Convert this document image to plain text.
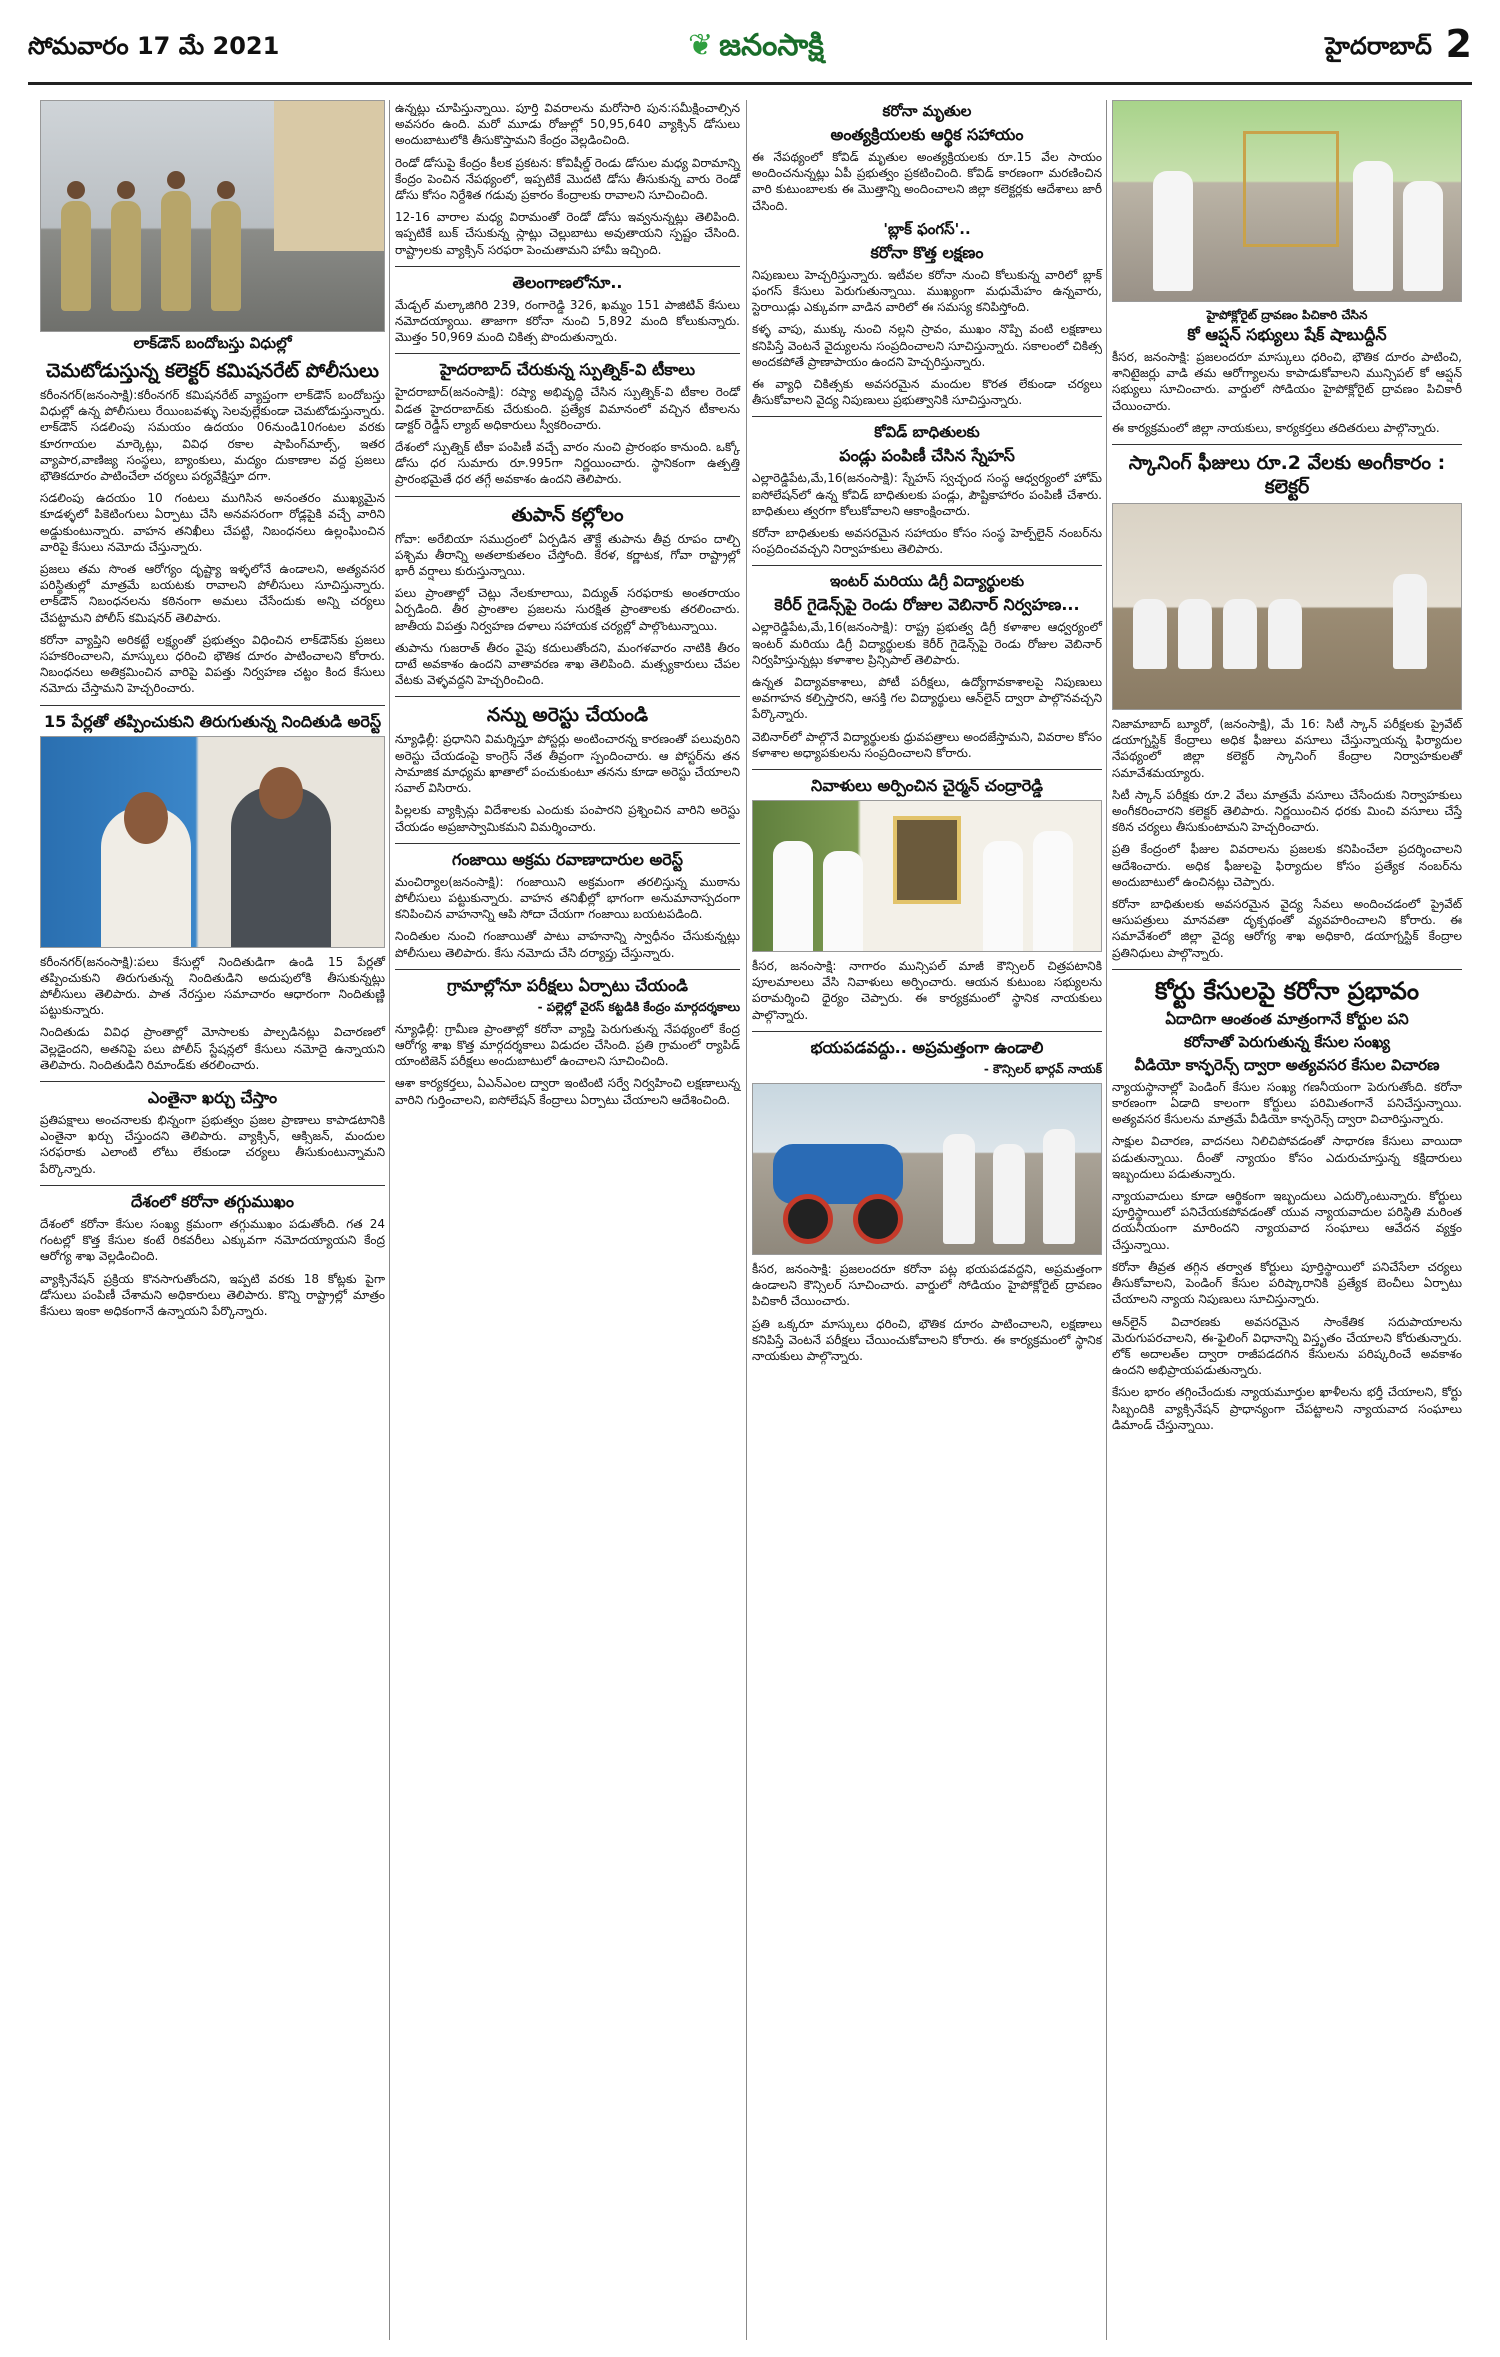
సోమవారం 17 మే 2021	❦ జనంసాక్షి	హైదరాబాద్ 2
లాక్‌డౌన్ బందోబస్తు విధుల్లో
చెమటోడుస్తున్న కలెక్టర్ కమిషనరేట్ పోలీసులు

కరీంనగర్(జనంసాక్షి):కరీంనగర్ కమిషనరేట్ వ్యాప్తంగా లాక్‌డౌన్ బందోబస్తు విధుల్లో ఉన్న పోలీసులు రేయింబవళ్ళు సెలవుల్లేకుండా చెమటోడుస్తున్నారు. లాక్‌డౌన్ సడలింపు సమయం ఉదయం 06నుండి10గంటల వరకు కూరగాయల మార్కెట్లు, వివిధ రకాల షాపింగ్‌మాల్స్, ఇతర వ్యాపార,వాణిజ్య సంస్థలు, బ్యాంకులు, మద్యం దుకాణాల వద్ద ప్రజలు భౌతికదూరం పాటించేలా చర్యలు పర్యవేక్షిస్తూ దగా.

సడలింపు ఉదయం 10 గంటలు ముగిసిన అనంతరం ముఖ్యమైన కూడళ్ళలో పికెటింగులు ఏర్పాటు చేసి అనవసరంగా రోడ్లపైకి వచ్చే వారిని అడ్డుకుంటున్నారు. వాహన తనిఖీలు చేపట్టి, నిబంధనలు ఉల్లంఘించిన వారిపై కేసులు నమోదు చేస్తున్నారు.

ప్రజలు తమ సొంత ఆరోగ్యం దృష్ట్యా ఇళ్ళలోనే ఉండాలని, అత్యవసర పరిస్థితుల్లో మాత్రమే బయటకు రావాలని పోలీసులు సూచిస్తున్నారు. లాక్‌డౌన్ నిబంధనలను కఠినంగా అమలు చేసేందుకు అన్ని చర్యలు చేపట్టామని పోలీస్ కమిషనర్ తెలిపారు.

కరోనా వ్యాప్తిని అరికట్టే లక్ష్యంతో ప్రభుత్వం విధించిన లాక్‌డౌన్‌కు ప్రజలు సహకరించాలని, మాస్కులు ధరించి భౌతిక దూరం పాటించాలని కోరారు. నిబంధనలు అతిక్రమించిన వారిపై విపత్తు నిర్వహణ చట్టం కింద కేసులు నమోదు చేస్తామని హెచ్చరించారు.

15 పేర్లతో తప్పించుకుని తిరుగుతున్న నిందితుడి అరెస్ట్

కరీంనగర్(జనంసాక్షి):పలు కేసుల్లో నిందితుడిగా ఉండి 15 పేర్లతో తప్పించుకుని తిరుగుతున్న నిందితుడిని అదుపులోకి తీసుకున్నట్లు పోలీసులు తెలిపారు. పాత నేరస్తుల సమాచారం ఆధారంగా నిందితుణ్ణి పట్టుకున్నారు.

నిందితుడు వివిధ ప్రాంతాల్లో మోసాలకు పాల్పడినట్లు విచారణలో వెల్లడైందని, అతనిపై పలు పోలీస్ స్టేషన్లలో కేసులు నమోదై ఉన్నాయని తెలిపారు. నిందితుడిని రిమాండ్‌కు తరలించారు.

ఎంతైనా ఖర్చు చేస్తాం

ప్రతిపక్షాలు అంచనాలకు భిన్నంగా ప్రభుత్వం ప్రజల ప్రాణాలు కాపాడటానికి ఎంతైనా ఖర్చు చేస్తుందని తెలిపారు. వ్యాక్సిన్, ఆక్సిజన్, మందుల సరఫరాకు ఎలాంటి లోటు లేకుండా చర్యలు తీసుకుంటున్నామని పేర్కొన్నారు.

దేశంలో కరోనా తగ్గుముఖం

దేశంలో కరోనా కేసుల సంఖ్య క్రమంగా తగ్గుముఖం పడుతోంది. గత 24 గంటల్లో కొత్త కేసుల కంటే రికవరీలు ఎక్కువగా నమోదయ్యాయని కేంద్ర ఆరోగ్య శాఖ వెల్లడించింది.

వ్యాక్సినేషన్ ప్రక్రియ కొనసాగుతోందని, ఇప్పటి వరకు 18 కోట్లకు పైగా డోసులు పంపిణీ చేశామని అధికారులు తెలిపారు. కొన్ని రాష్ట్రాల్లో మాత్రం కేసులు ఇంకా అధికంగానే ఉన్నాయని పేర్కొన్నారు.

ఉన్నట్లు చూపిస్తున్నాయి. పూర్తి వివరాలను మరోసారి పున:సమీక్షించాల్సిన అవసరం ఉంది. మరో మూడు రోజుల్లో 50,95,640 వ్యాక్సిన్ డోసులు అందుబాటులోకి తీసుకొస్తామని కేంద్రం వెల్లడించింది.

రెండో డోసుపై కేంద్రం కీలక ప్రకటన: కోవిషీల్డ్ రెండు డోసుల మధ్య విరామాన్ని కేంద్రం పెంచిన నేపథ్యంలో, ఇప్పటికే మొదటి డోసు తీసుకున్న వారు రెండో డోసు కోసం నిర్దేశిత గడువు ప్రకారం కేంద్రాలకు రావాలని సూచించింది.

12-16 వారాల మధ్య విరామంతో రెండో డోసు ఇవ్వనున్నట్లు తెలిపింది. ఇప్పటికే బుక్ చేసుకున్న స్లాట్లు చెల్లుబాటు అవుతాయని స్పష్టం చేసింది. రాష్ట్రాలకు వ్యాక్సిన్ సరఫరా పెంచుతామని హామీ ఇచ్చింది.

తెలంగాణలోనూ..

మేడ్చల్ మల్కాజిగిరి 239, రంగారెడ్డి 326, ఖమ్మం 151 పాజిటివ్ కేసులు నమోదయ్యాయి. తాజాగా కరోనా నుంచి 5,892 మంది కోలుకున్నారు. మొత్తం 50,969 మంది చికిత్స పొందుతున్నారు.

హైదరాబాద్ చేరుకున్న స్పుత్నిక్-వి టీకాలు

హైదరాబాద్(జనంసాక్షి): రష్యా అభివృద్ధి చేసిన స్పుత్నిక్-వి టీకాల రెండో విడత హైదరాబాద్‌కు చేరుకుంది. ప్రత్యేక విమానంలో వచ్చిన టీకాలను డాక్టర్ రెడ్డీస్ ల్యాబ్ అధికారులు స్వీకరించారు.

దేశంలో స్పుత్నిక్ టీకా పంపిణీ వచ్చే వారం నుంచి ప్రారంభం కానుంది. ఒక్కో డోసు ధర సుమారు రూ.995గా నిర్ణయించారు. స్థానికంగా ఉత్పత్తి ప్రారంభమైతే ధర తగ్గే అవకాశం ఉందని తెలిపారు.

తుపాన్ కల్లోలం

గోవా: అరేబియా సముద్రంలో ఏర్పడిన తౌక్టే తుపాను తీవ్ర రూపం దాల్చి పశ్చిమ తీరాన్ని అతలాకుతలం చేస్తోంది. కేరళ, కర్ణాటక, గోవా రాష్ట్రాల్లో భారీ వర్షాలు కురుస్తున్నాయి.

పలు ప్రాంతాల్లో చెట్లు నేలకూలాయి, విద్యుత్ సరఫరాకు అంతరాయం ఏర్పడింది. తీర ప్రాంతాల ప్రజలను సురక్షిత ప్రాంతాలకు తరలించారు. జాతీయ విపత్తు నిర్వహణ దళాలు సహాయక చర్యల్లో పాల్గొంటున్నాయి.

తుపాను గుజరాత్ తీరం వైపు కదులుతోందని, మంగళవారం నాటికి తీరం దాటే అవకాశం ఉందని వాతావరణ శాఖ తెలిపింది. మత్స్యకారులు చేపల వేటకు వెళ్ళవద్దని హెచ్చరించింది.

నన్ను అరెస్టు చేయండి

న్యూఢిల్లీ: ప్రధానిని విమర్శిస్తూ పోస్టర్లు అంటించారన్న కారణంతో పలువురిని అరెస్టు చేయడంపై కాంగ్రెస్ నేత తీవ్రంగా స్పందించారు. ఆ పోస్టర్‌ను తన సామాజిక మాధ్యమ ఖాతాలో పంచుకుంటూ తనను కూడా అరెస్టు చేయాలని సవాల్ విసిరారు.

పిల్లలకు వ్యాక్సిన్లు విదేశాలకు ఎందుకు పంపారని ప్రశ్నించిన వారిని అరెస్టు చేయడం అప్రజాస్వామికమని విమర్శించారు.

గంజాయి అక్రమ రవాణాదారుల అరెస్ట్

మంచిర్యాల(జనంసాక్షి): గంజాయిని అక్రమంగా తరలిస్తున్న ముఠాను పోలీసులు పట్టుకున్నారు. వాహన తనిఖీల్లో భాగంగా అనుమానాస్పదంగా కనిపించిన వాహనాన్ని ఆపి సోదా చేయగా గంజాయి బయటపడింది.

నిందితుల నుంచి గంజాయితో పాటు వాహనాన్ని స్వాధీనం చేసుకున్నట్లు పోలీసులు తెలిపారు. కేసు నమోదు చేసి దర్యాప్తు చేస్తున్నారు.

గ్రామాల్లోనూ పరీక్షలు ఏర్పాటు చేయండి
- పల్లెల్లో వైరస్ కట్టడికి కేంద్రం మార్గదర్శకాలు

న్యూఢిల్లీ: గ్రామీణ ప్రాంతాల్లో కరోనా వ్యాప్తి పెరుగుతున్న నేపథ్యంలో కేంద్ర ఆరోగ్య శాఖ కొత్త మార్గదర్శకాలు విడుదల చేసింది. ప్రతి గ్రామంలో ర్యాపిడ్ యాంటిజెన్ పరీక్షలు అందుబాటులో ఉంచాలని సూచించింది.

ఆశా కార్యకర్తలు, ఏఎన్ఎంల ద్వారా ఇంటింటి సర్వే నిర్వహించి లక్షణాలున్న వారిని గుర్తించాలని, ఐసోలేషన్ కేంద్రాలు ఏర్పాటు చేయాలని ఆదేశించింది.

కరోనా మృతుల
అంత్యక్రియలకు ఆర్థిక సహాయం

ఈ నేపథ్యంలో కోవిడ్ మృతుల అంత్యక్రియలకు రూ.15 వేల సాయం అందించనున్నట్లు ఏపీ ప్రభుత్వం ప్రకటించింది. కోవిడ్ కారణంగా మరణించిన వారి కుటుంబాలకు ఈ మొత్తాన్ని అందించాలని జిల్లా కలెక్టర్లకు ఆదేశాలు జారీ చేసింది.

'బ్లాక్ ఫంగస్'..
కరోనా కొత్త లక్షణం

నిపుణులు హెచ్చరిస్తున్నారు. ఇటీవల కరోనా నుంచి కోలుకున్న వారిలో బ్లాక్ ఫంగస్ కేసులు పెరుగుతున్నాయి. ముఖ్యంగా మధుమేహం ఉన్నవారు, స్టెరాయిడ్లు ఎక్కువగా వాడిన వారిలో ఈ సమస్య కనిపిస్తోంది.

కళ్ళ వాపు, ముక్కు నుంచి నల్లని స్రావం, ముఖం నొప్పి వంటి లక్షణాలు కనిపిస్తే వెంటనే వైద్యులను సంప్రదించాలని సూచిస్తున్నారు. సకాలంలో చికిత్స అందకపోతే ప్రాణాపాయం ఉందని హెచ్చరిస్తున్నారు.

ఈ వ్యాధి చికిత్సకు అవసరమైన మందుల కొరత లేకుండా చర్యలు తీసుకోవాలని వైద్య నిపుణులు ప్రభుత్వానికి సూచిస్తున్నారు.

కోవిడ్ బాధితులకు
పండ్లు పంపిణీ చేసిన స్నేహస్

ఎల్లారెడ్డిపేట,మే,16(జనంసాక్షి): స్నేహస్ స్వచ్ఛంద సంస్థ ఆధ్వర్యంలో హోమ్ ఐసోలేషన్‌లో ఉన్న కోవిడ్ బాధితులకు పండ్లు, పౌష్టికాహారం పంపిణీ చేశారు. బాధితులు త్వరగా కోలుకోవాలని ఆకాంక్షించారు.

కరోనా బాధితులకు అవసరమైన సహాయం కోసం సంస్థ హెల్ప్‌లైన్ నంబర్‌ను సంప్రదించవచ్చని నిర్వాహకులు తెలిపారు.

ఇంటర్ మరియు డిగ్రీ విద్యార్థులకు
కెరీర్ గైడెన్స్‌పై రెండు రోజుల వెబినార్ నిర్వహణ...

ఎల్లారెడ్డిపేట,మే,16(జనంసాక్షి): రాష్ట్ర ప్రభుత్వ డిగ్రీ కళాశాల ఆధ్వర్యంలో ఇంటర్ మరియు డిగ్రీ విద్యార్థులకు కెరీర్ గైడెన్స్‌పై రెండు రోజుల వెబినార్ నిర్వహిస్తున్నట్లు కళాశాల ప్రిన్సిపాల్ తెలిపారు.

ఉన్నత విద్యావకాశాలు, పోటీ పరీక్షలు, ఉద్యోగావకాశాలపై నిపుణులు అవగాహన కల్పిస్తారని, ఆసక్తి గల విద్యార్థులు ఆన్‌లైన్ ద్వారా పాల్గొనవచ్చని పేర్కొన్నారు.

వెబినార్‌లో పాల్గొనే విద్యార్థులకు ధ్రువపత్రాలు అందజేస్తామని, వివరాల కోసం కళాశాల అధ్యాపకులను సంప్రదించాలని కోరారు.

నివాళులు అర్పించిన చైర్మన్ చంద్రారెడ్డి

కీసర, జనంసాక్షి: నాగారం మున్సిపల్ మాజీ కౌన్సిలర్ చిత్రపటానికి పూలమాలలు వేసి నివాళులు అర్పించారు. ఆయన కుటుంబ సభ్యులను పరామర్శించి ధైర్యం చెప్పారు. ఈ కార్యక్రమంలో స్థానిక నాయకులు పాల్గొన్నారు.

భయపడవద్దు.. అప్రమత్తంగా ఉండాలి
- కౌన్సిలర్ భార్గవ్ నాయక్

కీసర, జనంసాక్షి: ప్రజలందరూ కరోనా పట్ల భయపడవద్దని, అప్రమత్తంగా ఉండాలని కౌన్సిలర్ సూచించారు. వార్డులో సోడియం హైపోక్లోరైట్ ద్రావణం పిచికారీ చేయించారు.

ప్రతి ఒక్కరూ మాస్కులు ధరించి, భౌతిక దూరం పాటించాలని, లక్షణాలు కనిపిస్తే వెంటనే పరీక్షలు చేయించుకోవాలని కోరారు. ఈ కార్యక్రమంలో స్థానిక నాయకులు పాల్గొన్నారు.

హైపోక్లోరైట్ ద్రావణం పిచికారి చేసిన
కో ఆప్షన్ సభ్యులు షేక్ షాబుద్దీన్

కీసర, జనంసాక్షి: ప్రజలందరూ మాస్కులు ధరించి, భౌతిక దూరం పాటించి, శానిటైజర్లు వాడి తమ ఆరోగ్యాలను కాపాడుకోవాలని మున్సిపల్ కో ఆప్షన్ సభ్యులు సూచించారు. వార్డులో సోడియం హైపోక్లోరైట్ ద్రావణం పిచికారీ చేయించారు.

ఈ కార్యక్రమంలో జిల్లా నాయకులు, కార్యకర్తలు తదితరులు పాల్గొన్నారు.

స్కానింగ్ ఫీజులు రూ.2 వేలకు అంగీకారం : కలెక్టర్

నిజామాబాద్ బ్యూరో, (జనంసాక్షి), మే 16: సిటీ స్కాన్ పరీక్షలకు ప్రైవేట్ డయాగ్నస్టిక్ కేంద్రాలు అధిక ఫీజులు వసూలు చేస్తున్నాయన్న ఫిర్యాదుల నేపథ్యంలో జిల్లా కలెక్టర్ స్కానింగ్ కేంద్రాల నిర్వాహకులతో సమావేశమయ్యారు.

సిటీ స్కాన్ పరీక్షకు రూ.2 వేలు మాత్రమే వసూలు చేసేందుకు నిర్వాహకులు అంగీకరించారని కలెక్టర్ తెలిపారు. నిర్ణయించిన ధరకు మించి వసూలు చేస్తే కఠిన చర్యలు తీసుకుంటామని హెచ్చరించారు.

ప్రతి కేంద్రంలో ఫీజుల వివరాలను ప్రజలకు కనిపించేలా ప్రదర్శించాలని ఆదేశించారు. అధిక ఫీజులపై ఫిర్యాదుల కోసం ప్రత్యేక నంబర్‌ను అందుబాటులో ఉంచినట్లు చెప్పారు.

కరోనా బాధితులకు అవసరమైన వైద్య సేవలు అందించడంలో ప్రైవేట్ ఆసుపత్రులు మానవతా దృక్పథంతో వ్యవహరించాలని కోరారు. ఈ సమావేశంలో జిల్లా వైద్య ఆరోగ్య శాఖ అధికారి, డయాగ్నస్టిక్ కేంద్రాల ప్రతినిధులు పాల్గొన్నారు.

కోర్టు కేసులపై కరోనా ప్రభావం
ఏదాదిగా ఆంతంత మాత్రంగానే కోర్టుల పని
కరోనాతో పెరుగుతున్న కేసుల సంఖ్య
వీడియో కాన్ఫరెన్స్ ద్వారా అత్యవసర కేసుల విచారణ

న్యాయస్థానాల్లో పెండింగ్ కేసుల సంఖ్య గణనీయంగా పెరుగుతోంది. కరోనా కారణంగా ఏడాది కాలంగా కోర్టులు పరిమితంగానే పనిచేస్తున్నాయి. అత్యవసర కేసులను మాత్రమే వీడియో కాన్ఫరెన్స్ ద్వారా విచారిస్తున్నారు.

సాక్షుల విచారణ, వాదనలు నిలిచిపోవడంతో సాధారణ కేసులు వాయిదా పడుతున్నాయి. దీంతో న్యాయం కోసం ఎదురుచూస్తున్న కక్షిదారులు ఇబ్బందులు పడుతున్నారు.

న్యాయవాదులు కూడా ఆర్థికంగా ఇబ్బందులు ఎదుర్కొంటున్నారు. కోర్టులు పూర్తిస్థాయిలో పనిచేయకపోవడంతో యువ న్యాయవాదుల పరిస్థితి మరింత దయనీయంగా మారిందని న్యాయవాద సంఘాలు ఆవేదన వ్యక్తం చేస్తున్నాయి.

కరోనా తీవ్రత తగ్గిన తర్వాత కోర్టులు పూర్తిస్థాయిలో పనిచేసేలా చర్యలు తీసుకోవాలని, పెండింగ్ కేసుల పరిష్కారానికి ప్రత్యేక బెంచీలు ఏర్పాటు చేయాలని న్యాయ నిపుణులు సూచిస్తున్నారు.

ఆన్‌లైన్ విచారణకు అవసరమైన సాంకేతిక సదుపాయాలను మెరుగుపరచాలని, ఈ-ఫైలింగ్ విధానాన్ని విస్తృతం చేయాలని కోరుతున్నారు. లోక్ అదాలత్‌ల ద్వారా రాజీపడదగిన కేసులను పరిష్కరించే అవకాశం ఉందని అభిప్రాయపడుతున్నారు.

కేసుల భారం తగ్గించేందుకు న్యాయమూర్తుల ఖాళీలను భర్తీ చేయాలని, కోర్టు సిబ్బందికి వ్యాక్సినేషన్ ప్రాధాన్యంగా చేపట్టాలని న్యాయవాద సంఘాలు డిమాండ్ చేస్తున్నాయి.
